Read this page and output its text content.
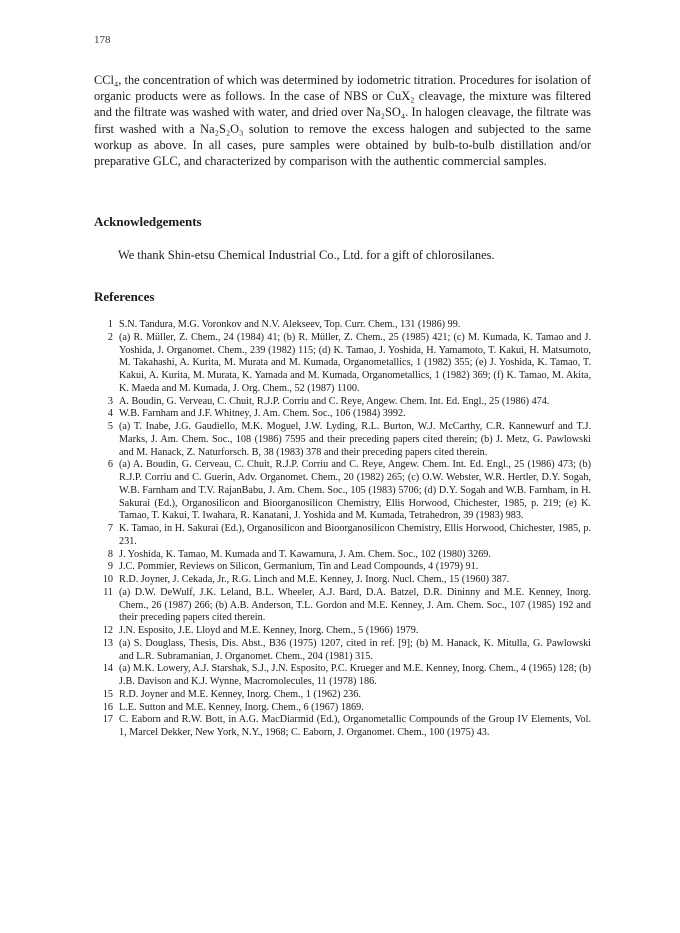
178

CCl₄, the concentration of which was determined by iodometric titration. Procedures for isolation of organic products were as follows. In the case of NBS or CuX₂ cleavage, the mixture was filtered and the filtrate was washed with water, and dried over Na₂SO₄. In halogen cleavage, the filtrate was first washed with a Na₂S₂O₃ solution to remove the excess halogen and subjected to the same workup as above. In all cases, pure samples were obtained by bulb-to-bulb distillation and/or preparative GLC, and characterized by comparison with the authentic commercial samples.

Acknowledgements

We thank Shin-etsu Chemical Industrial Co., Ltd. for a gift of chlorosilanes.

References
1 S.N. Tandura, M.G. Voronkov and N.V. Alekseev, Top. Curr. Chem., 131 (1986) 99.
2 (a) R. Müller, Z. Chem., 24 (1984) 41; (b) R. Müller, Z. Chem., 25 (1985) 421; (c) M. Kumada, K. Tamao and J. Yoshida, J. Organomet. Chem., 239 (1982) 115; (d) K. Tamao, J. Yoshida, H. Yamamoto, T. Kakui, H. Matsumoto, M. Takahashi, A. Kurita, M. Murata and M. Kumada, Organometallics, 1 (1982) 355; (e) J. Yoshida, K. Tamao, T. Kakui, A. Kurita, M. Murata, K. Yamada and M. Kumada, Organometallics, 1 (1982) 369; (f) K. Tamao, M. Akita, K. Maeda and M. Kumada, J. Org. Chem., 52 (1987) 1100.
3 A. Boudin, G. Verveau, C. Chuit, R.J.P. Corriu and C. Reye, Angew. Chem. Int. Ed. Engl., 25 (1986) 474.
4 W.B. Farnham and J.F. Whitney, J. Am. Chem. Soc., 106 (1984) 3992.
5 (a) T. Inabe, J.G. Gaudiello, M.K. Moguel, J.W. Lyding, R.L. Burton, W.J. McCarthy, C.R. Kannewurf and T.J. Marks, J. Am. Chem. Soc., 108 (1986) 7595 and their preceding papers cited therein; (b) J. Metz, G. Pawlowski and M. Hanack, Z. Naturforsch. B, 38 (1983) 378 and their preceding papers cited therein.
6 (a) A. Boudin, G. Cerveau, C. Chuit, R.J.P. Corriu and C. Reye, Angew. Chem. Int. Ed. Engl., 25 (1986) 473; (b) R.J.P. Corriu and C. Guerin, Adv. Organomet. Chem., 20 (1982) 265; (c) O.W. Webster, W.R. Hertler, D.Y. Sogah, W.B. Farnham and T.V. RajanBabu, J. Am. Chem. Soc., 105 (1983) 5706; (d) D.Y. Sogah and W.B. Farnham, in H. Sakurai (Ed.), Organosilicon and Bioorganosilicon Chemistry, Ellis Horwood, Chichester, 1985, p. 219; (e) K. Tamao, T. Kakui, T. Iwahara, R. Kanatani, J. Yoshida and M. Kumada, Tetrahedron, 39 (1983) 983.
7 K. Tamao, in H. Sakurai (Ed.), Organosilicon and Bioorganosilicon Chemistry, Ellis Horwood, Chichester, 1985, p. 231.
8 J. Yoshida, K. Tamao, M. Kumada and T. Kawamura, J. Am. Chem. Soc., 102 (1980) 3269.
9 J.C. Pommier, Reviews on Silicon, Germanium, Tin and Lead Compounds, 4 (1979) 91.
10 R.D. Joyner, J. Cekada, Jr., R.G. Linch and M.E. Kenney, J. Inorg. Nucl. Chem., 15 (1960) 387.
11 (a) D.W. DeWulf, J.K. Leland, B.L. Wheeler, A.J. Bard, D.A. Batzel, D.R. Dininny and M.E. Kenney, Inorg. Chem., 26 (1987) 266; (b) A.B. Anderson, T.L. Gordon and M.E. Kenney, J. Am. Chem. Soc., 107 (1985) 192 and their preceding papers cited therein.
12 J.N. Esposito, J.E. Lloyd and M.E. Kenney, Inorg. Chem., 5 (1966) 1979.
13 (a) S. Douglass, Thesis, Dis. Abst., B36 (1975) 1207, cited in ref. [9]; (b) M. Hanack, K. Mitulla, G. Pawlowski and L.R. Subramanian, J. Organomet. Chem., 204 (1981) 315.
14 (a) M.K. Lowery, A.J. Starshak, S.J., J.N. Esposito, P.C. Krueger and M.E. Kenney, Inorg. Chem., 4 (1965) 128; (b) J.B. Davison and K.J. Wynne, Macromolecules, 11 (1978) 186.
15 R.D. Joyner and M.E. Kenney, Inorg. Chem., 1 (1962) 236.
16 L.E. Sutton and M.E. Kenney, Inorg. Chem., 6 (1967) 1869.
17 C. Eaborn and R.W. Bott, in A.G. MacDiarmid (Ed.), Organometallic Compounds of the Group IV Elements, Vol. 1, Marcel Dekker, New York, N.Y., 1968; C. Eaborn, J. Organomet. Chem., 100 (1975) 43.
